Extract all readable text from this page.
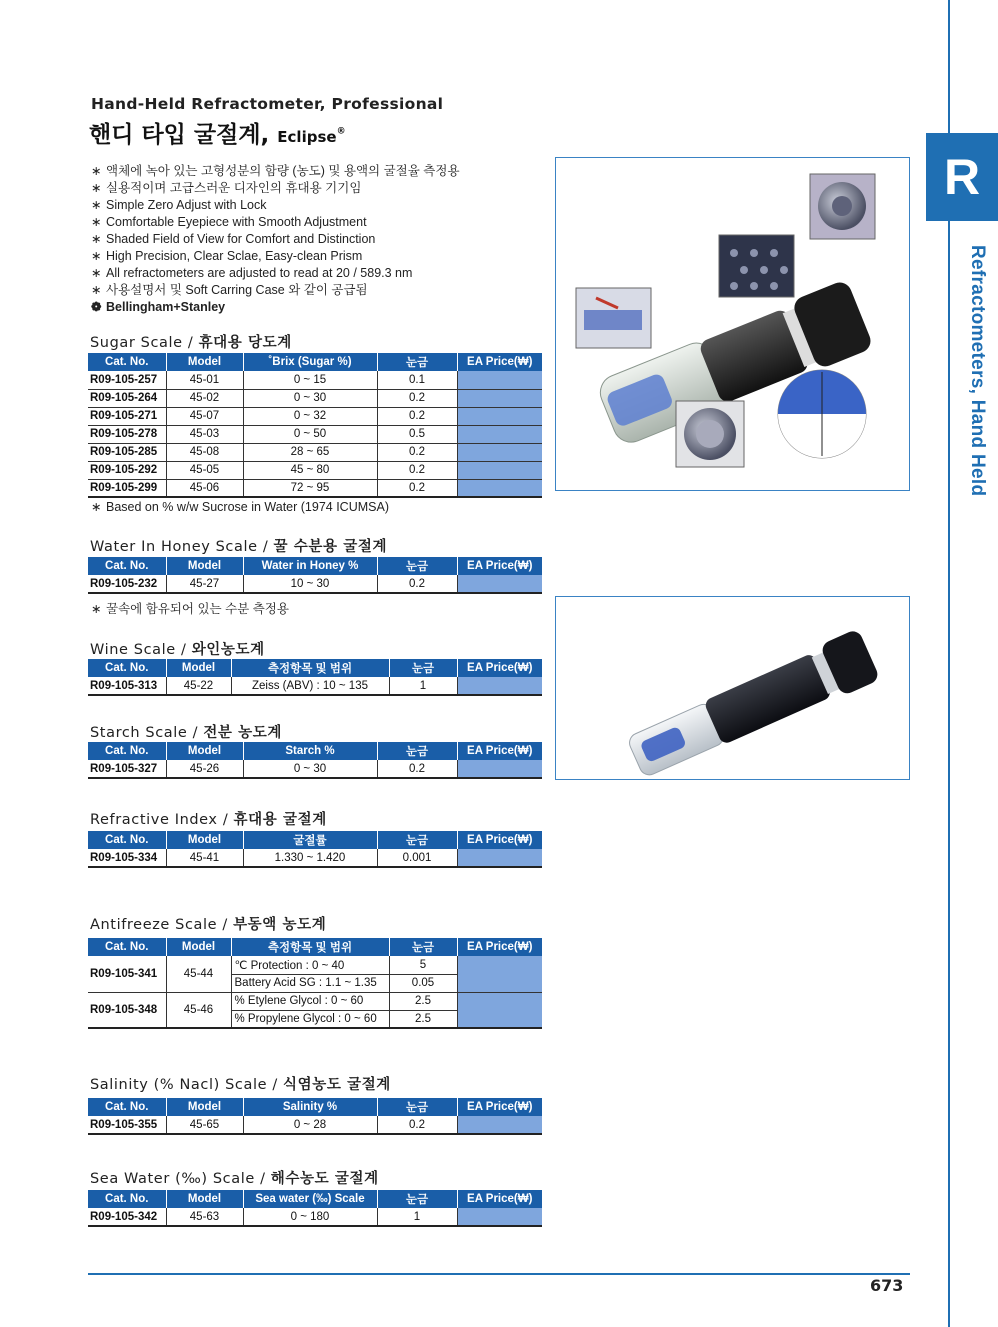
R
Refractometers, Hand Held
Hand-Held Refractometer, Professional
핸디 타입 굴절계, Eclipse®
∗ 액체에 녹아 있는 고형성분의 함량 (농도) 및 용액의 굴절율 측정용
∗ 실용적이며 고급스러운 디자인의 휴대용 기기임
∗ Simple Zero Adjust with Lock
∗ Comfortable Eyepiece with Smooth Adjustment
∗ Shaded Field of View for Comfort and Distinction
∗ High Precision, Clear Sclae, Easy-clean Prism
∗ All refractometers are adjusted to read at 20 / 589.3 nm
∗ 사용설명서 및 Soft Carring Case 와 같이 공급됨
❁ Bellingham+Stanley
Sugar Scale / 휴대용 당도계
Cat. No.	Model	˚Brix (Sugar %)	눈금	EA Price(₩)
R09-105-257	45-01	0 ~ 15	0.1	
R09-105-264	45-02	0 ~ 30	0.2	
R09-105-271	45-07	0 ~ 32	0.2	
R09-105-278	45-03	0 ~ 50	0.5	
R09-105-285	45-08	28 ~ 65	0.2	
R09-105-292	45-05	45 ~ 80	0.2	
R09-105-299	45-06	72 ~ 95	0.2	
∗ Based on % w/w Sucrose in Water (1974 ICUMSA)
Water In Honey Scale / 꿀 수분용 굴절계
Cat. No.	Model	Water in Honey %	눈금	EA Price(₩)
R09-105-232	45-27	10 ~ 30	0.2	
∗ 꿀속에 함유되어 있는 수분 측정용
Wine Scale / 와인농도계
Cat. No.	Model	측정항목 및 범위	눈금	EA Price(₩)
R09-105-313	45-22	Zeiss (ABV) : 10 ~ 135	1	
Starch Scale / 전분 농도계
Cat. No.	Model	Starch %	눈금	EA Price(₩)
R09-105-327	45-26	0 ~ 30	0.2	
Refractive Index / 휴대용 굴절계
Cat. No.	Model	굴절률	눈금	EA Price(₩)
R09-105-334	45-41	1.330 ~ 1.420	0.001	
Antifreeze Scale / 부동액 농도계
Cat. No.	Model	측정항목 및 범위	눈금	EA Price(₩)
R09-105-341	45-44	℃ Protection : 0 ~ 40	5	
		Battery Acid SG : 1.1 ~ 1.35	0.05	
R09-105-348	45-46	% Etylene Glycol : 0 ~ 60	2.5	
		% Propylene Glycol : 0 ~ 60	2.5	
Salinity (% Nacl) Scale / 식염농도 굴절계
Cat. No.	Model	Salinity %	눈금	EA Price(₩)
R09-105-355	45-65	0 ~ 28	0.2	
Sea Water (‰) Scale / 해수농도 굴절계
Cat. No.	Model	Sea water (‰) Scale	눈금	EA Price(₩)
R09-105-342	45-63	0 ~ 180	1	
673
